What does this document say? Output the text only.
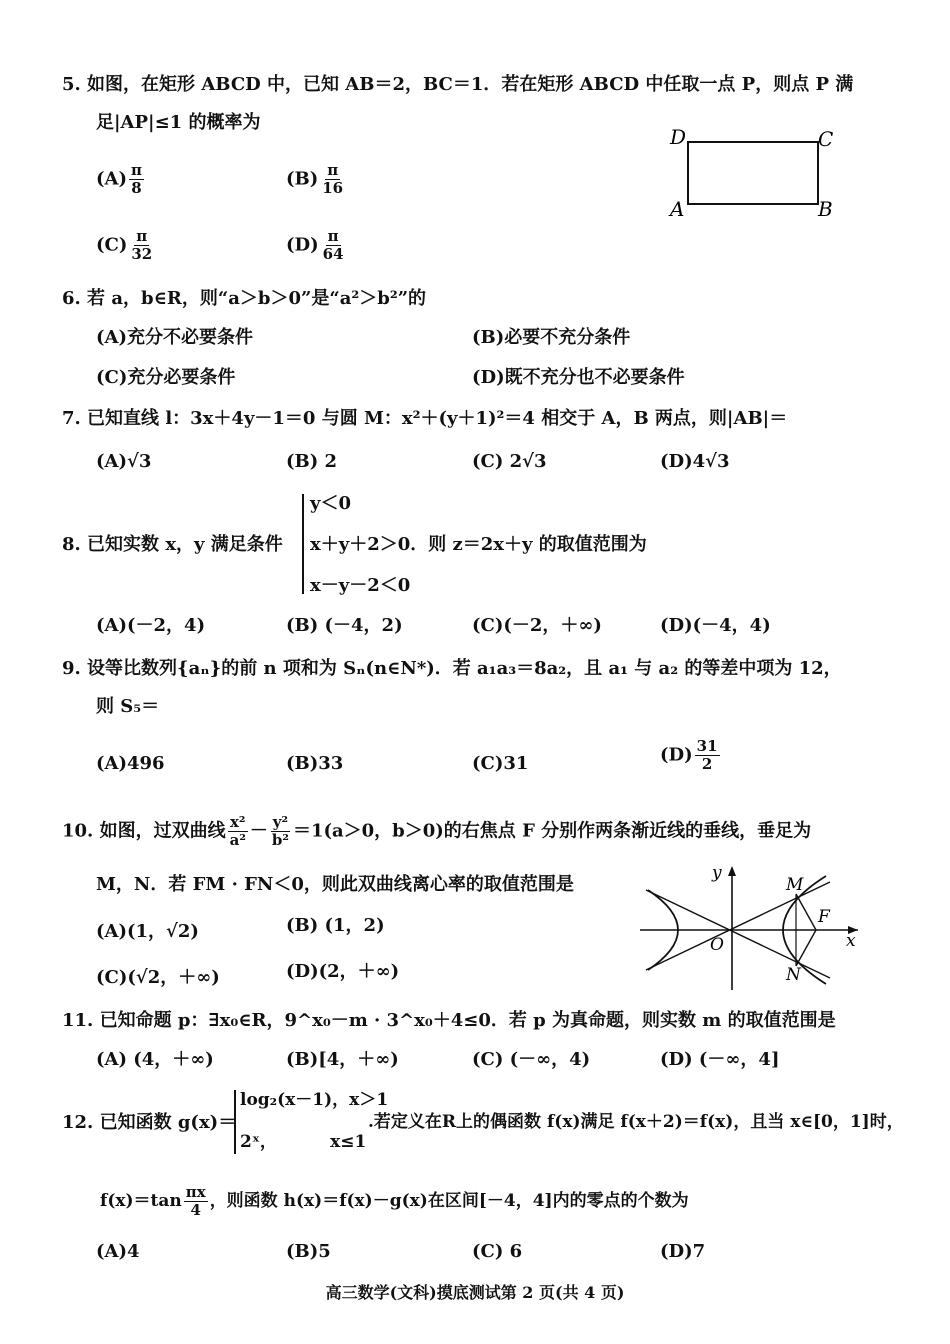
5. 如图，在矩形 ABCD 中，已知 AB＝2，BC＝1．若在矩形 ABCD 中任取一点 P，则点 P 满
足|AP|≤1 的概率为
$(A) \frac{\pi}{8}$	$(B) \frac{\pi}{16}$
$(C) \frac{\pi}{32}$	$(D) \frac{\pi}{64}$
D	C
A	B
6. 若 a，b∈R，则“a＞b＞0”是“a²＞b²”的
(A)充分不必要条件	(B)必要不充分条件
(C)充分必要条件	(D)既不充分也不必要条件
7. 已知直线 l：3x＋4y－1＝0 与圆 M：x²＋(y＋1)²＝4 相交于 A，B 两点，则|AB|＝
(A)√3	(B) 2	(C) 2√3	(D)4√3
y＜0
8. 已知实数 x，y 满足条件 x＋y＋2＞0．则 z＝2x＋y 的取值范围为
x－y－2＜0
(A)(－2，4)	(B) (－4，2)	(C)(－2，＋∞)	(D)(－4，4)
9. 设等比数列{aₙ}的前 n 项和为 Sₙ(n∈N*)．若 a₁a₃＝8a₂，且 a₁ 与 a₂ 的等差中项为 12，
则 S₅＝
(A)496	(B)33	(C)31	$(D) \frac{31}{2}$
10. 如图，过双曲线 $\frac{\text{x²}}{\text{a²}} - \frac{\text{y²}}{\text{b²}} =1(a>0$，b＞0)的右焦点 F 分别作两条渐近线的垂线，垂足为
M，N．若 FM · FN＜0，则此双曲线离心率的取值范围是
(A)(1，√2)	(B) (1，2)
(C)(√2，＋∞)	(D)(2，＋∞)
y
x
O
M
N
F
11. 已知命题 p：∃x₀∈R，9^x₀－m · 3^x₀＋4≤0．若 p 为真命题，则实数 m 的取值范围是
(A) (4，＋∞)	(B)[4，＋∞)	(C) (－∞，4)	(D) (－∞，4]
12. 已知函数 g(x)＝
log₂(x－1)，x＞1
2ˣ，         x≤1
.若定义在R上的偶函数 f(x)满足 f(x＋2)＝f(x)，且当 x∈[0，1]时，
$f(x)=\tan \frac{\pi x}{4}$ ，则函数 h(x)＝f(x)－g(x)在区间[－4，4]内的零点的个数为
(A)4	(B)5	(C) 6	(D)7
高三数学(文科)摸底测试第 2 页(共 4 页)
